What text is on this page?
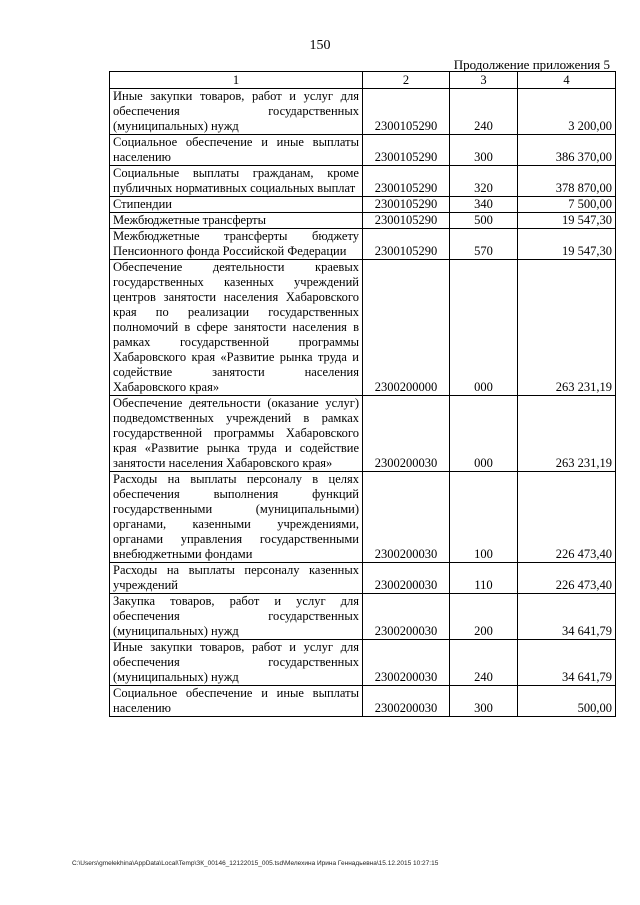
150
Продолжение приложения 5
1	2	3	4
Иные закупки товаров, работ и услуг для обеспечения государственных (муниципальных) нужд	2300105290	240	3 200,00
Социальное обеспечение и иные выплаты населению	2300105290	300	386 370,00
Социальные выплаты гражданам, кроме публичных нормативных социальных выплат	2300105290	320	378 870,00
Стипендии	2300105290	340	7 500,00
Межбюджетные трансферты	2300105290	500	19 547,30
Межбюджетные трансферты бюджету Пенсионного фонда Российской Федерации	2300105290	570	19 547,30
Обеспечение деятельности краевых государственных казенных учреждений центров занятости населения Хабаровского края по реализации государственных полномочий в сфере занятости населения в рамках государственной программы Хабаровского края «Развитие рынка труда и содействие занятости населения Хабаровского края»	2300200000	000	263 231,19
Обеспечение деятельности (оказание услуг) подведомственных учреждений в рамках государственной программы Хабаровского края «Развитие рынка труда и содействие занятости населения Хабаровского края»	2300200030	000	263 231,19
Расходы на выплаты персоналу в целях обеспечения выполнения функций государственными (муниципальными) органами, казенными учреждениями, органами управления государственными внебюджетными фондами	2300200030	100	226 473,40
Расходы на выплаты персоналу казенных учреждений	2300200030	110	226 473,40
Закупка товаров, работ и услуг для обеспечения государственных (муниципальных) нужд	2300200030	200	34 641,79
Иные закупки товаров, работ и услуг для обеспечения государственных (муниципальных) нужд	2300200030	240	34 641,79
Социальное обеспечение и иные выплаты населению	2300200030	300	500,00
C:\Users\gmelekhina\AppData\Local\Temp\ЗК_00146_12122015_005.tsd\Мелехина Ирина Геннадьевна\15.12.2015 10:27:15
